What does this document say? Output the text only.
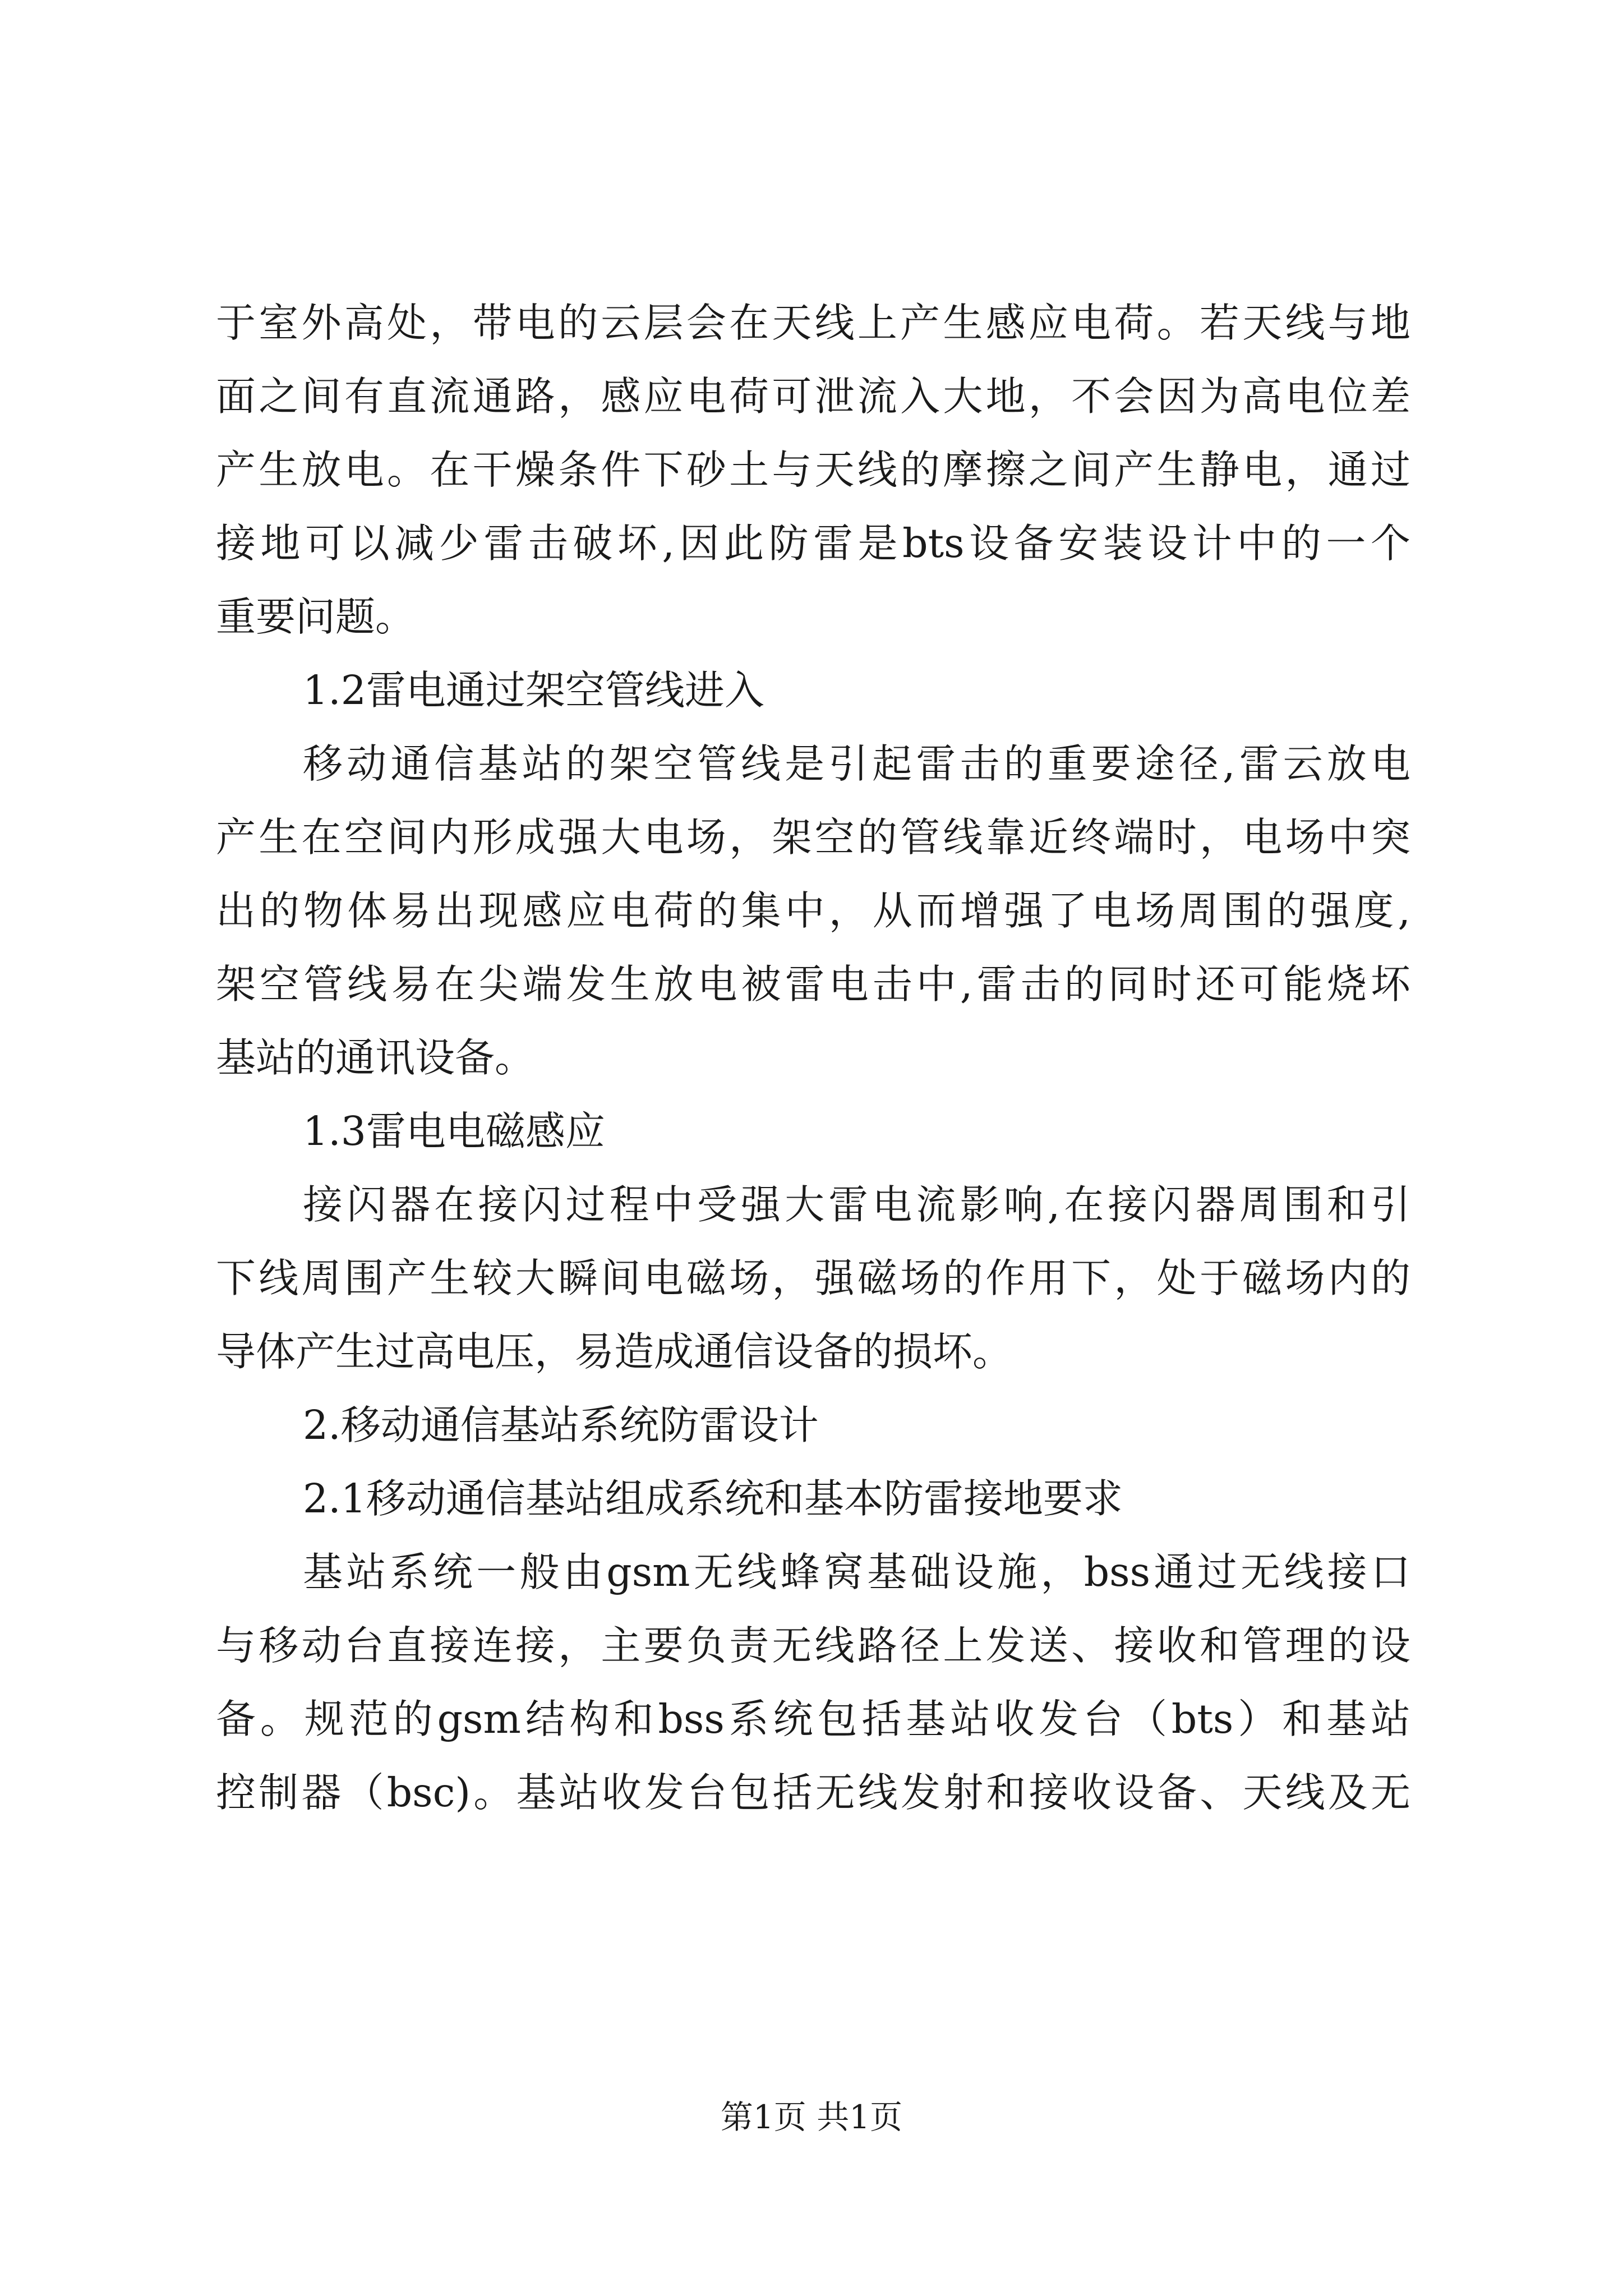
于室外高处，带电的云层会在天线上产生感应电荷。若天线与地
面之间有直流通路，感应电荷可泄流入大地，不会因为高电位差
产生放电。在干燥条件下砂土与天线的摩擦之间产生静电，通过
接地可以减少雷击破坏,因此防雷是bts设备安装设计中的一个
重要问题。
1.2雷电通过架空管线进入
移动通信基站的架空管线是引起雷击的重要途径,雷云放电
产生在空间内形成强大电场，架空的管线靠近终端时，电场中突
出的物体易出现感应电荷的集中，从而增强了电场周围的强度,
架空管线易在尖端发生放电被雷电击中,雷击的同时还可能烧坏
基站的通讯设备。
1.3雷电电磁感应
接闪器在接闪过程中受强大雷电流影响,在接闪器周围和引
下线周围产生较大瞬间电磁场，强磁场的作用下，处于磁场内的
导体产生过高电压，易造成通信设备的损坏。
2.移动通信基站系统防雷设计
2.1移动通信基站组成系统和基本防雷接地要求
基站系统一般由gsm无线蜂窝基础设施，bss通过无线接口
与移动台直接连接，主要负责无线路径上发送、接收和管理的设
备。规范的gsm结构和bss系统包括基站收发台（bts）和基站
控制器（bsc)。基站收发台包括无线发射和接收设备、天线及无
第1页 共1页
